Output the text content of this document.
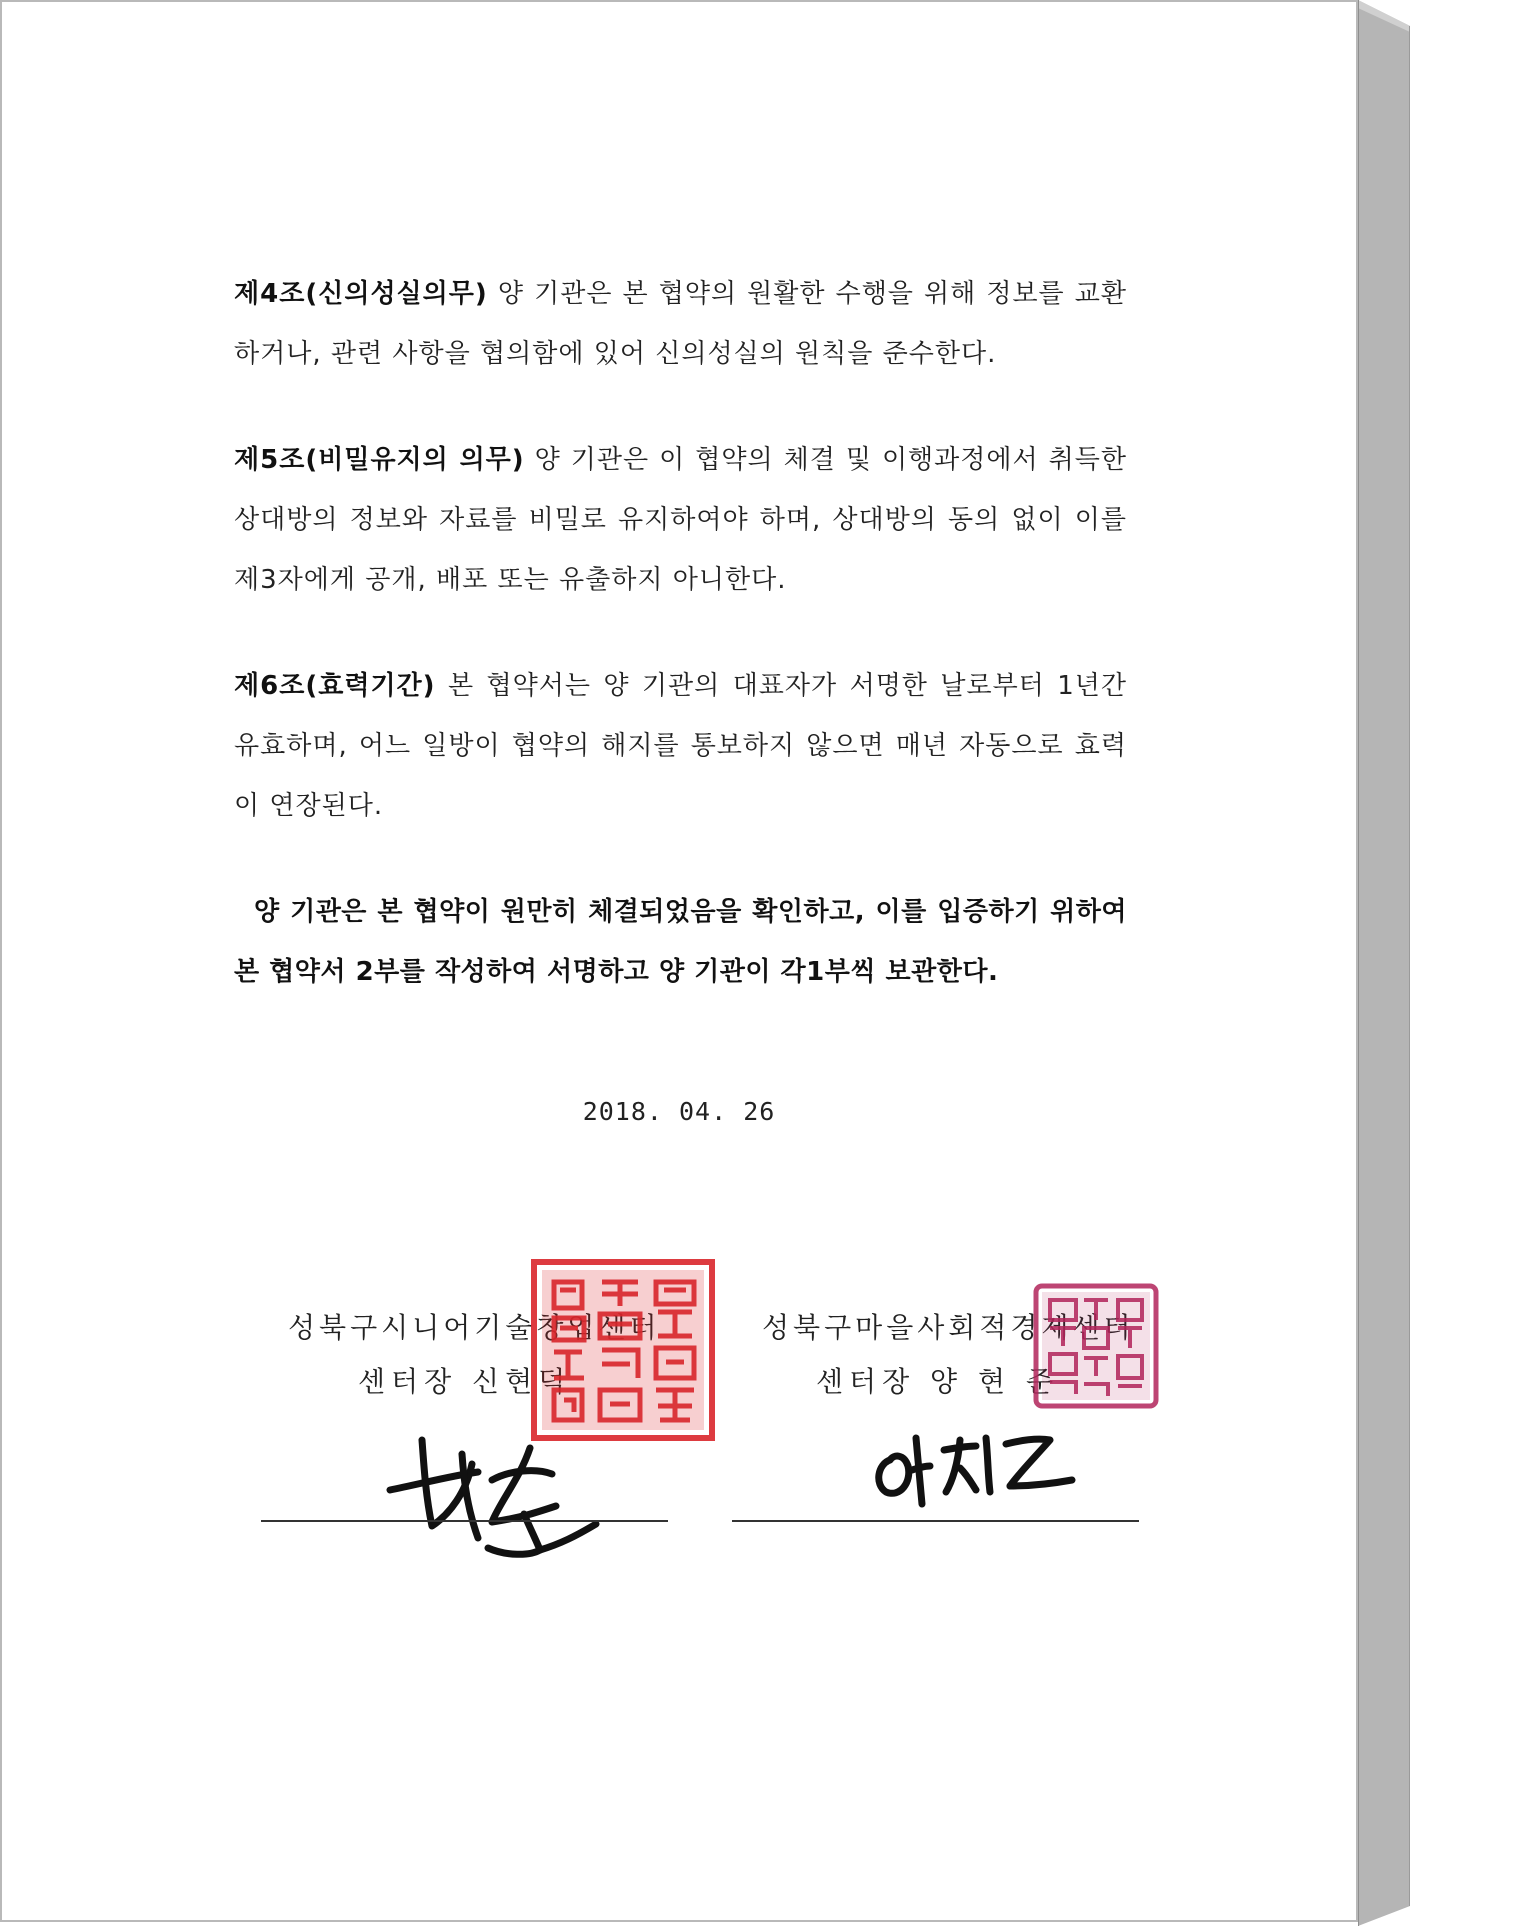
제4조(신의성실의무) 양 기관은 본 협약의 원활한 수행을 위해 정보를 교환하거나, 관련 사항을 협의함에 있어 신의성실의 원칙을 준수한다.

제5조(비밀유지의 의무) 양 기관은 이 협약의 체결 및 이행과정에서 취득한 상대방의 정보와 자료를 비밀로 유지하여야 하며, 상대방의 동의 없이 이를 제3자에게 공개, 배포 또는 유출하지 아니한다.

제6조(효력기간) 본 협약서는 양 기관의 대표자가 서명한 날로부터 1년간 유효하며, 어느 일방이 협약의 해지를 통보하지 않으면 매년 자동으로 효력이 연장된다.

양 기관은 본 협약이 원만히 체결되었음을 확인하고, 이를 입증하기 위하여 본 협약서 2부를 작성하여 서명하고 양 기관이 각1부씩 보관한다.

2018. 04. 26
성북구시니어기술창업센터
센터장 신현덕
성북구마을사회적경제센터
센터장 양 현 준
